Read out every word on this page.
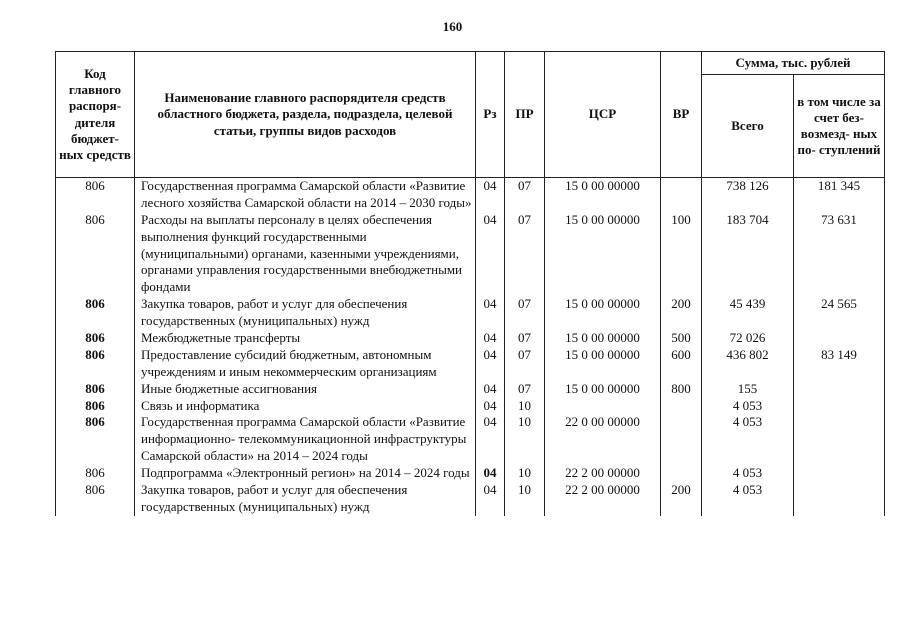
160
Код главного распоря- дителя бюджет- ных средств	Наименование главного распорядителя средств областного бюджета, раздела, подраздела, целевой статьи, группы видов расходов	Рз	ПР	ЦСР	ВР	Сумма, тыс. рублей	
						Всего	в том числе за счет без- возмезд- ных по- ступлений
806	Государственная программа Самарской области «Развитие лесного хозяйства Самарской области на 2014 – 2030 годы»	04	07	15 0 00 00000		738 126	181 345
806	Расходы на выплаты персоналу в целях обеспечения выполнения функций государственными (муниципальными) органами, казенными учреждениями, органами управления государственными внебюджетными фондами	04	07	15 0 00 00000	100	183 704	73 631
806	Закупка товаров, работ и услуг для обеспечения государственных (муниципальных) нужд	04	07	15 0 00 00000	200	45 439	24 565
806	Межбюджетные трансферты	04	07	15 0 00 00000	500	72 026	
806	Предоставление субсидий бюджетным, автономным учреждениям и иным некоммерческим организациям	04	07	15 0 00 00000	600	436 802	83 149
806	Иные бюджетные ассигнования	04	07	15 0 00 00000	800	155	
806	Связь и информатика	04	10			4 053	
806	Государственная программа Самарской области «Развитие информационно- телекоммуникационной инфраструктуры Самарской области» на 2014 – 2024 годы	04	10	22 0 00 00000		4 053	
806	Подпрограмма «Электронный регион» на 2014 – 2024 годы	04	10	22 2 00 00000		4 053	
806	Закупка товаров, работ и услуг для обеспечения государственных (муниципальных) нужд	04	10	22 2 00 00000	200	4 053	
